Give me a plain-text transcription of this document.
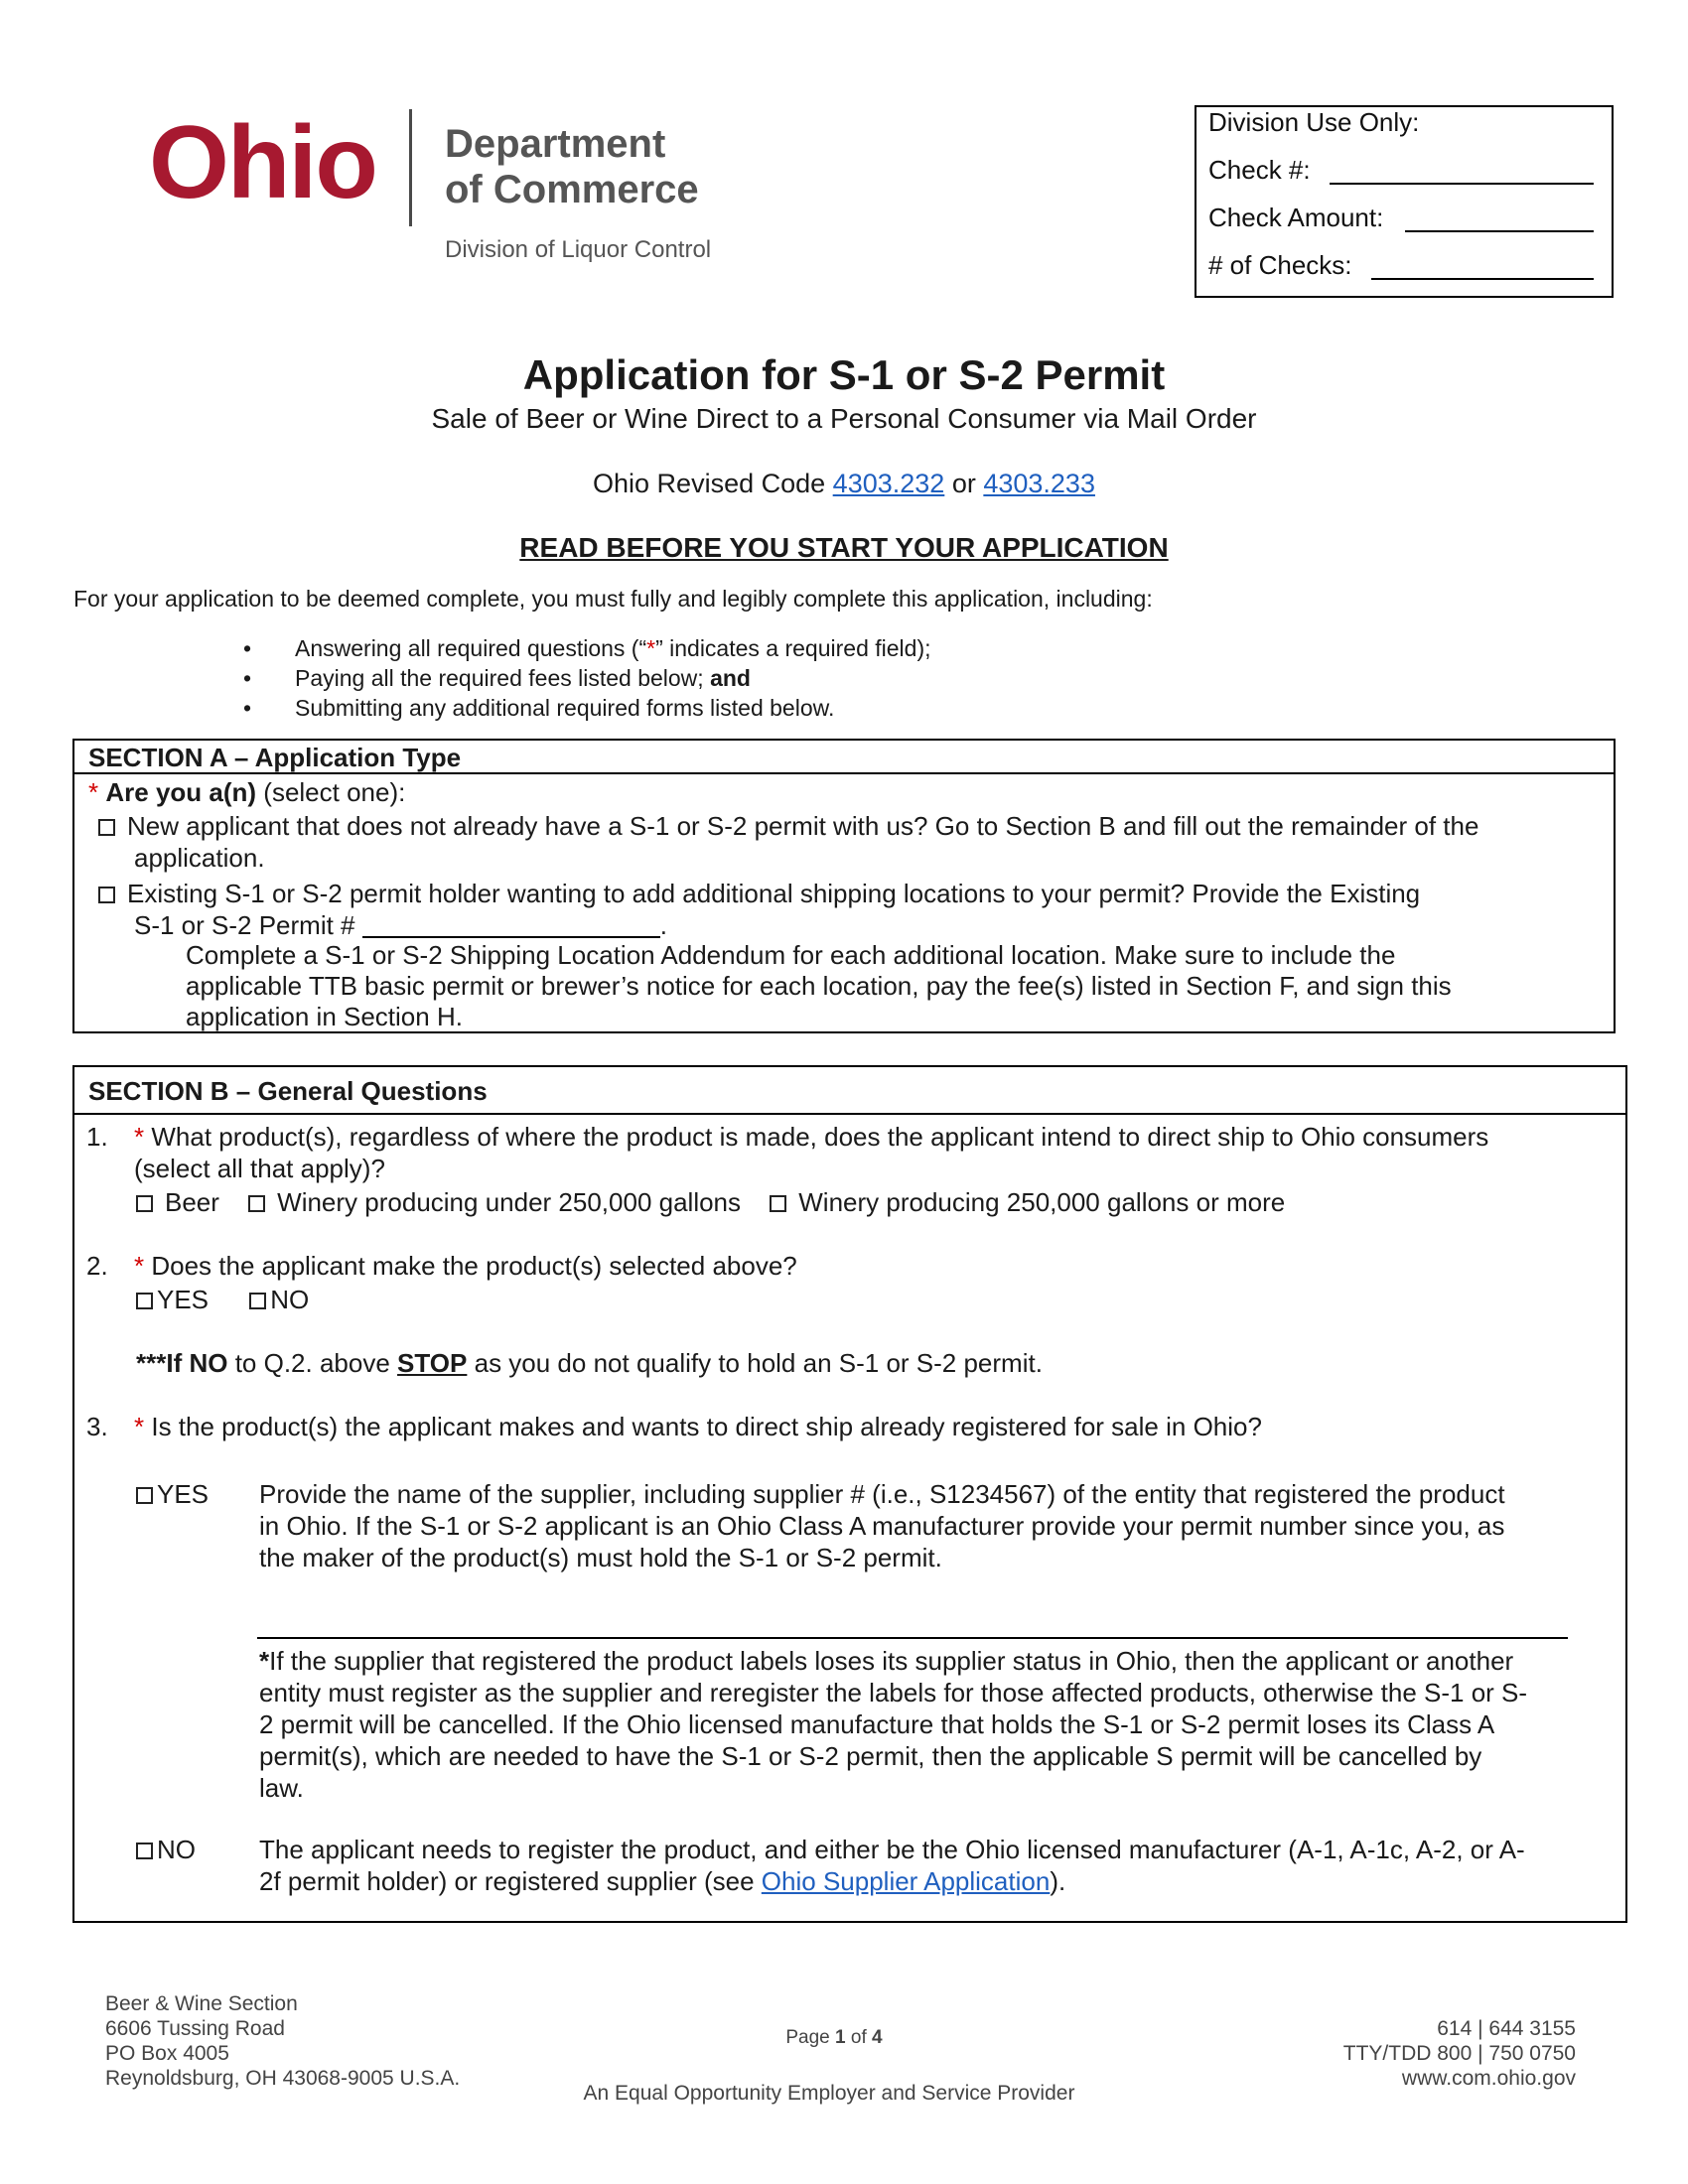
Ohio Department
of Commerce
Division of Liquor Control
Division Use Only:
Check #:
Check Amount:
# of Checks:
Application for S-1 or S-2 Permit
Sale of Beer or Wine Direct to a Personal Consumer via Mail Order
Ohio Revised Code 4303.232 or 4303.233
READ BEFORE YOU START YOUR APPLICATION
For your application to be deemed complete, you must fully and legibly complete this application, including:
• Answering all required questions (“*” indicates a required field);
• Paying all the required fees listed below; and
• Submitting any additional required forms listed below.
SECTION A – Application Type
* Are you a(n) (select one):
New applicant that does not already have a S-1 or S-2 permit with us? Go to Section B and fill out the remainder of the
application.
Existing S-1 or S-2 permit holder wanting to add additional shipping locations to your permit? Provide the Existing
S-1 or S-2 Permit #	.
Complete a S-1 or S-2 Shipping Location Addendum for each additional location. Make sure to include the
applicable TTB basic permit or brewer’s notice for each location, pay the fee(s) listed in Section F, and sign this
application in Section H.
SECTION B – General Questions
1. * What product(s), regardless of where the product is made, does the applicant intend to direct ship to Ohio consumers
(select all that apply)?
Beer Winery producing under 250,000 gallons Winery producing 250,000 gallons or more
2. * Does the applicant make the product(s) selected above?
YES NO
***If NO to Q.2. above STOP as you do not qualify to hold an S-1 or S-2 permit.
3. * Is the product(s) the applicant makes and wants to direct ship already registered for sale in Ohio?
YES Provide the name of the supplier, including supplier # (i.e., S1234567) of the entity that registered the product
in Ohio. If the S-1 or S-2 applicant is an Ohio Class A manufacturer provide your permit number since you, as
the maker of the product(s) must hold the S-1 or S-2 permit.
*If the supplier that registered the product labels loses its supplier status in Ohio, then the applicant or another
entity must register as the supplier and reregister the labels for those affected products, otherwise the S-1 or S-
2 permit will be cancelled. If the Ohio licensed manufacture that holds the S-1 or S-2 permit loses its Class A
permit(s), which are needed to have the S-1 or S-2 permit, then the applicable S permit will be cancelled by
law.
NO The applicant needs to register the product, and either be the Ohio licensed manufacturer (A-1, A-1c, A-2, or A-
2f permit holder) or registered supplier (see Ohio Supplier Application).
Beer & Wine Section
6606 Tussing Road
PO Box 4005
Reynoldsburg, OH 43068-9005 U.S.A.
Page 1 of 4
An Equal Opportunity Employer and Service Provider
614 | 644 3155
TTY/TDD 800 | 750 0750
www.com.ohio.gov
